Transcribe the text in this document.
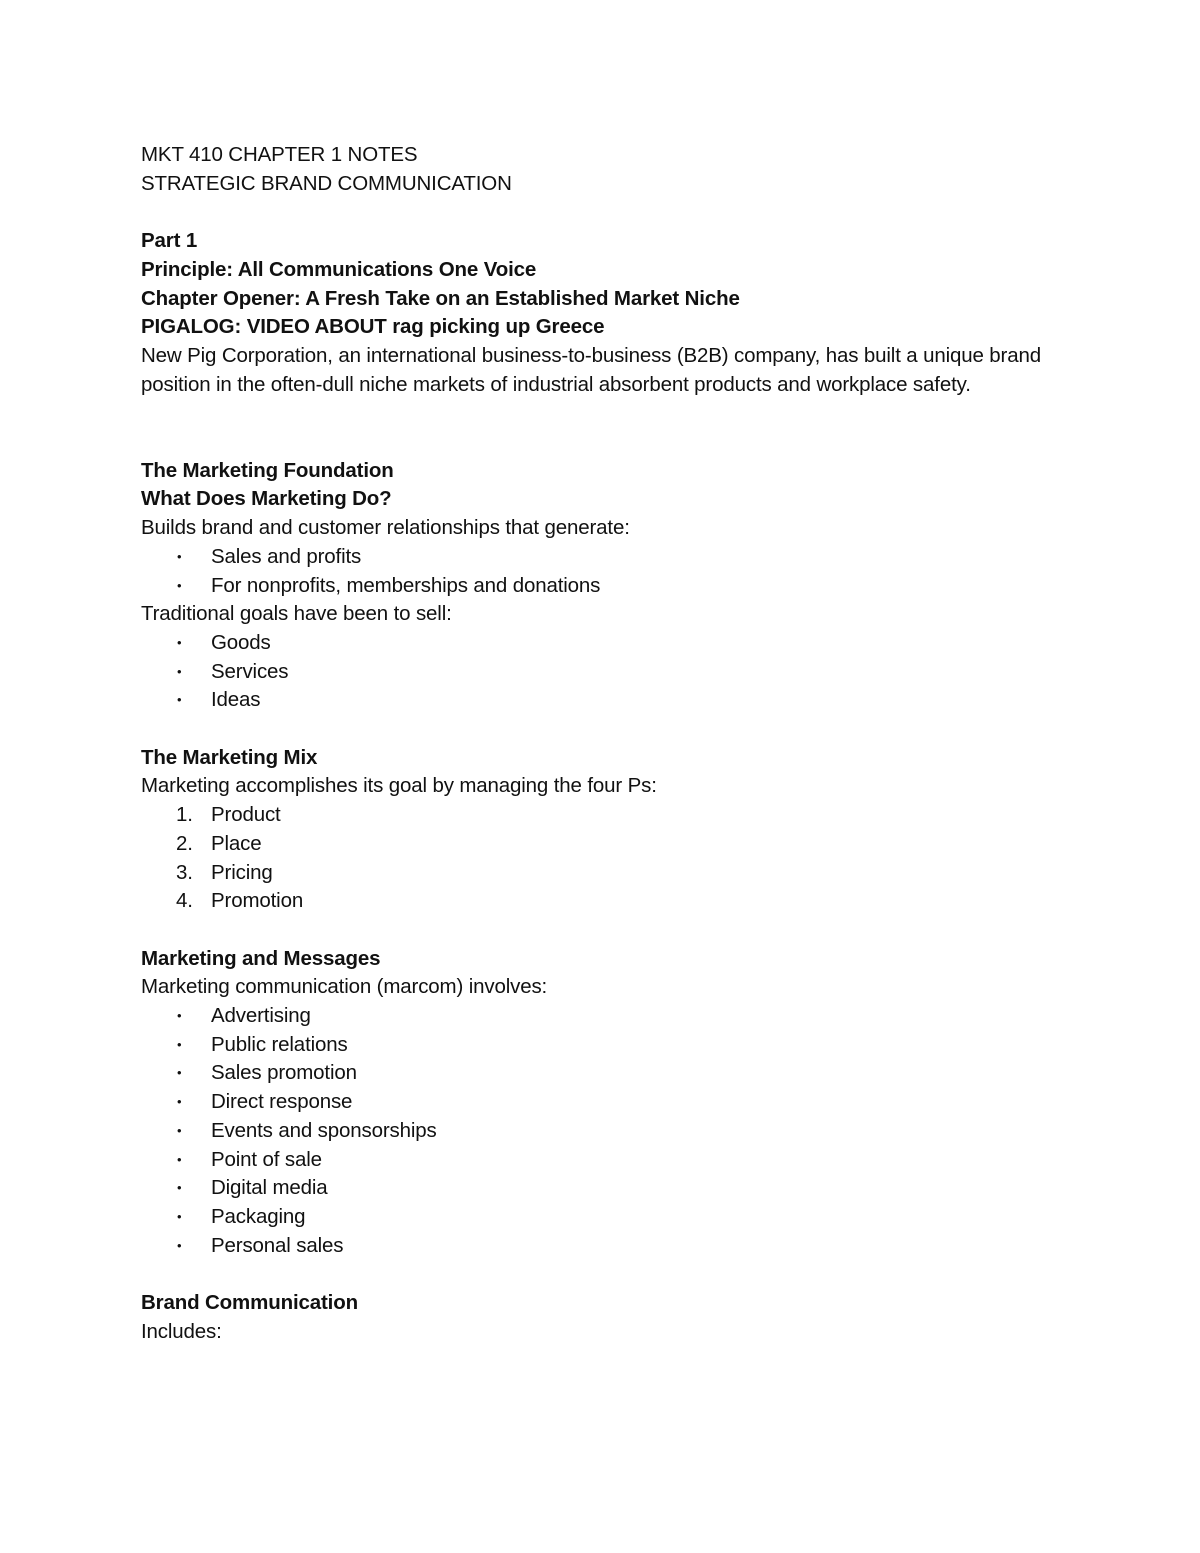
MKT 410 CHAPTER 1 NOTES

STRATEGIC BRAND COMMUNICATION

Part 1

Principle: All Communications One Voice

Chapter Opener: A Fresh Take on an Established Market Niche

PIGALOG: VIDEO ABOUT rag picking up Greece

New Pig Corporation, an international business-to-business (B2B) company, has built a unique brand position in the often-dull niche markets of industrial absorbent products and workplace safety.

The Marketing Foundation

What Does Marketing Do?

Builds brand and customer relationships that generate:

• Sales and profits
• For nonprofits, memberships and donations

Traditional goals have been to sell:

• Goods
• Services
• Ideas

The Marketing Mix

Marketing accomplishes its goal by managing the four Ps:

1. Product
2. Place
3. Pricing
4. Promotion

Marketing and Messages

Marketing communication (marcom) involves:

• Advertising
• Public relations
• Sales promotion
• Direct response
• Events and sponsorships
• Point of sale
• Digital media
• Packaging
• Personal sales

Brand Communication

Includes:
